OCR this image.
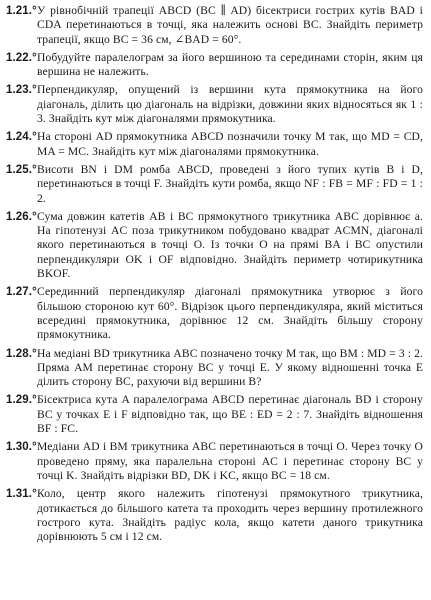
1.21.° У рівнобічній трапеції ABCD (BC ∥ AD) бісектриси гострих кутів BAD і CDA перетинаються в точці, яка належить основі BC. Знайдіть периметр трапеції, якщо BC = 36 см, ∠BAD = 60°.
1.22.° Побудуйте паралелограм за його вершиною та серединами сторін, яким ця вершина не належить.
1.23.° Перпендикуляр, опущений із вершини кута прямокутника на його діагональ, ділить цю діагональ на відрізки, довжини яких відносяться як 1 : 3. Знайдіть кут між діагоналями прямокутника.
1.24.° На стороні AD прямокутника ABCD позначили точку M так, що MD = CD, MA = MC. Знайдіть кут між діагоналями прямокутника.
1.25.° Висоти BN і DM ромба ABCD, проведені з його тупих кутів B і D, перетинаються в точці F. Знайдіть кути ромба, якщо NF : FB = MF : FD = 1 : 2.
1.26.° Сума довжин катетів AB і BC прямокутного трикутника ABC дорівнює a. На гіпотенузі AC поза трикутником побудовано квадрат ACMN, діагоналі якого перетинаються в точці O. Із точки O на прямі BA і BC опустили перпендикуляри OK і OF відповідно. Знайдіть периметр чотирикутника BKOF.
1.27.° Серединний перпендикуляр діагоналі прямокутника утворює з його більшою стороною кут 60°. Відрізок цього перпендикуляра, який міститься всередині прямокутника, дорівнює 12 см. Знайдіть більшу сторону прямокутника.
1.28.° На медіані BD трикутника ABC позначено точку M так, що BM : MD = 3 : 2. Пряма AM перетинає сторону BC у точці E. У якому відношенні точка E ділить сторону BC, рахуючи від вершини B?
1.29.° Бісектриса кута A паралелограма ABCD перетинає діагональ BD і сторону BC у точках E і F відповідно так, що BE : ED = 2 : 7. Знайдіть відношення BF : FC.
1.30.° Медіани AD і BM трикутника ABC перетинаються в точці O. Через точку O проведено пряму, яка паралельна стороні AC і перетинає сторону BC у точці K. Знайдіть відрізки BD, DK і KC, якщо BC = 18 см.
1.31.° Коло, центр якого належить гіпотенузі прямокутного трикутника, дотикається до більшого катета та проходить через вершину протилежного гострого кута. Знайдіть радіус кола, якщо катети даного трикутника дорівнюють 5 см і 12 см.
